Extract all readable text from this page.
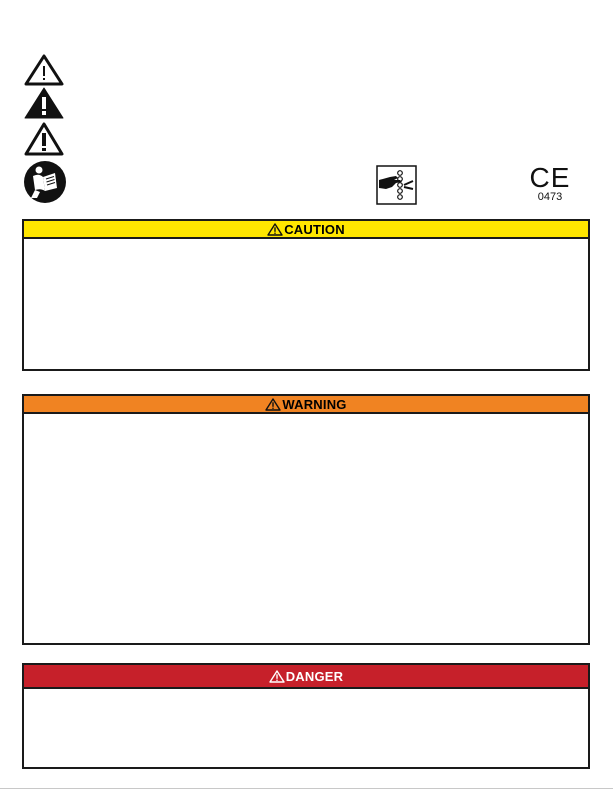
CE
0473
CAUTION
WARNING
DANGER
